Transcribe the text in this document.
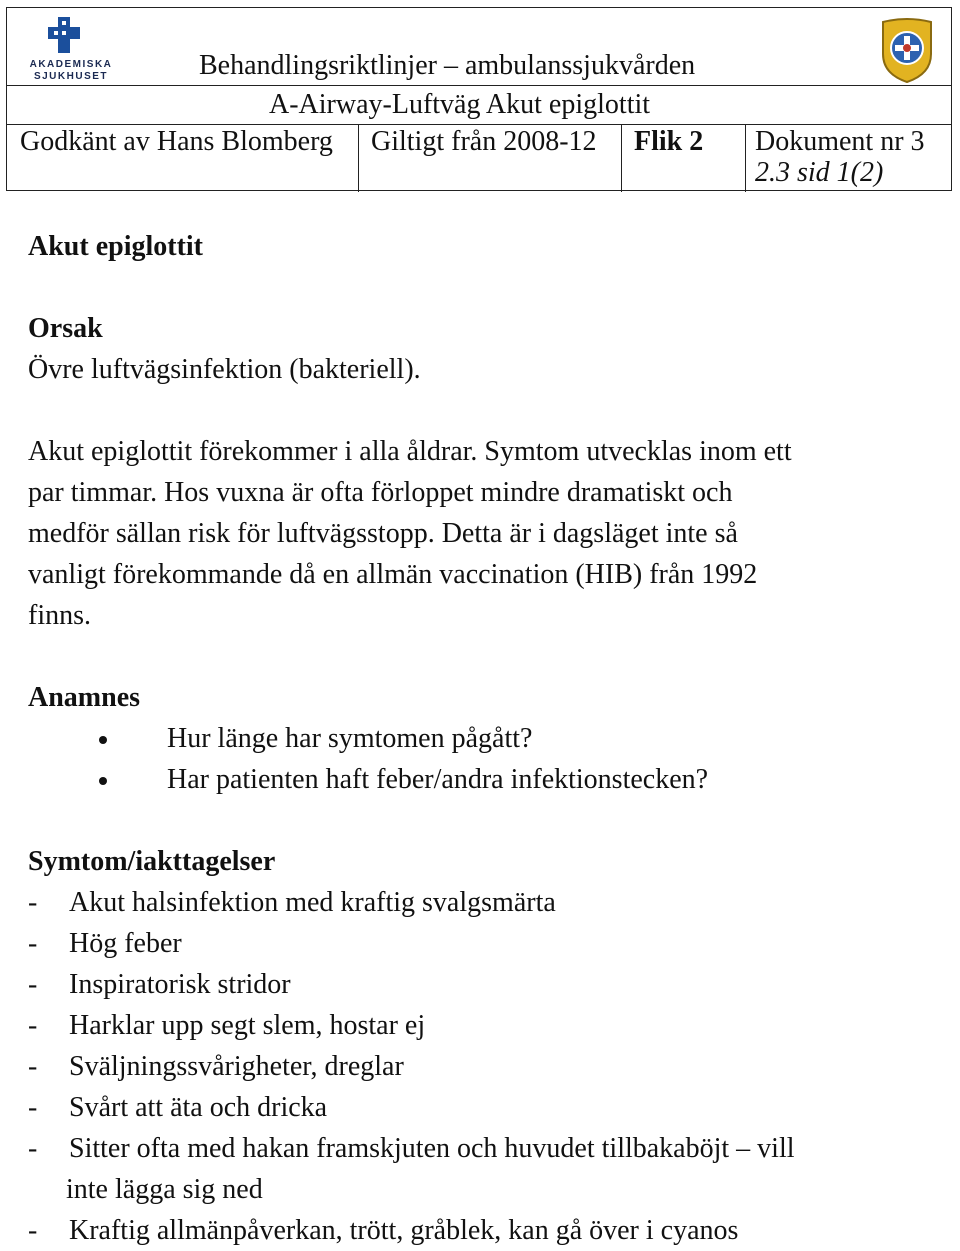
AKADEMISKA
SJUKHUSET	Behandlingsriktlinjer – ambulanssjukvården
A-Airway-Luftväg Akut epiglottit
Godkänt av Hans Blomberg Giltigt från 2008-12 Flik 2 Dokument nr 3
2.3 sid 1(2)
Akut epiglottit
Orsak
Övre luftvägsinfektion (bakteriell).
Akut epiglottit förekommer i alla åldrar. Symtom utvecklas inom ett
par timmar. Hos vuxna är ofta förloppet mindre dramatiskt och
medför sällan risk för luftvägsstopp. Detta är i dagsläget inte så
vanligt förekommande då en allmän vaccination (HIB) från 1992
finns.
Anamnes
Hur länge har symtomen pågått?
Har patienten haft feber/andra infektionstecken?
Symtom/iakttagelser
- Akut halsinfektion med kraftig svalgsmärta
- Hög feber
- Inspiratorisk stridor
- Harklar upp segt slem, hostar ej
- Sväljningssvårigheter, dreglar
- Svårt att äta och dricka
- Sitter ofta med hakan framskjuten och huvudet tillbakaböjt – vill
inte lägga sig ned
- Kraftig allmänpåverkan, trött, gråblek, kan gå över i cyanos
